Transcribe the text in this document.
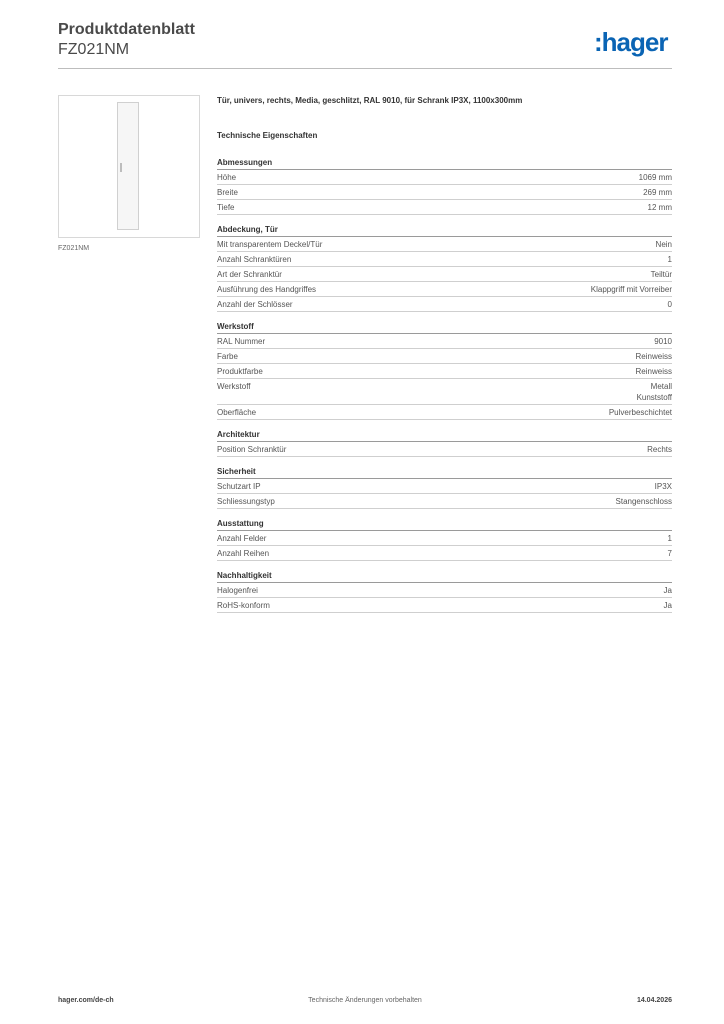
Produktdatenblatt
FZ021NM	:hager
FZ021NM
Tür, univers, rechts, Media, geschlitzt, RAL 9010, für Schrank IP3X, 1100x300mm
Technische Eigenschaften
Abmessungen
Höhe	1069 mm
Breite	269 mm
Tiefe	12 mm
Abdeckung, Tür
Mit transparentem Deckel/Tür	Nein
Anzahl Schranktüren	1
Art der Schranktür	Teiltür
Ausführung des Handgriffes	Klappgriff mit Vorreiber
Anzahl der Schlösser	0
Werkstoff
RAL Nummer	9010
Farbe	Reinweiss
Produktfarbe	Reinweiss
Werkstoff	Metall
Kunststoff
Oberfläche	Pulverbeschichtet
Architektur
Position Schranktür	Rechts
Sicherheit
Schutzart IP	IP3X
Schliessungstyp	Stangenschloss
Ausstattung
Anzahl Felder	1
Anzahl Reihen	7
Nachhaltigkeit
Halogenfrei	Ja
RoHS-konform	Ja
hager.com/de-ch	Technische Änderungen vorbehalten	14.04.2026
